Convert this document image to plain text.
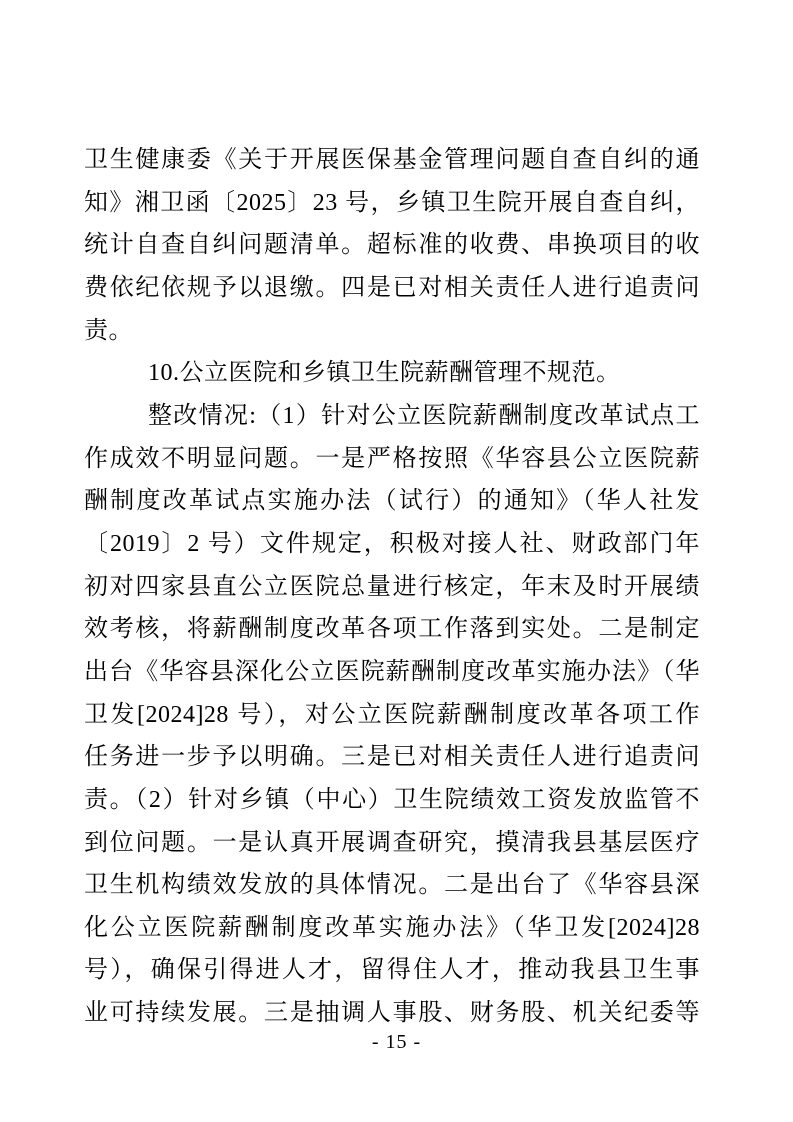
卫生健康委《关于开展医保基金管理问题自查自纠的通
知》湘卫函〔2025〕23 号，乡镇卫生院开展自查自纠，
统计自查自纠问题清单。超标准的收费、串换项目的收
费依纪依规予以退缴。四是已对相关责任人进行追责问
责。
10.公立医院和乡镇卫生院薪酬管理不规范。
整改情况:（1）针对公立医院薪酬制度改革试点工
作成效不明显问题。一是严格按照《华容县公立医院薪
酬制度改革试点实施办法（试行）的通知》（华人社发
〔2019〕2 号）文件规定，积极对接人社、财政部门年
初对四家县直公立医院总量进行核定，年末及时开展绩
效考核，将薪酬制度改革各项工作落到实处。二是制定
出台《华容县深化公立医院薪酬制度改革实施办法》（华
卫发[2024]28 号），对公立医院薪酬制度改革各项工作
任务进一步予以明确。三是已对相关责任人进行追责问
责。（2）针对乡镇（中心）卫生院绩效工资发放监管不
到位问题。一是认真开展调查研究，摸清我县基层医疗
卫生机构绩效发放的具体情况。二是出台了《华容县深
化公立医院薪酬制度改革实施办法》（华卫发[2024]28
号），确保引得进人才，留得住人才，推动我县卫生事
业可持续发展。三是抽调人事股、财务股、机关纪委等
- 15 -
